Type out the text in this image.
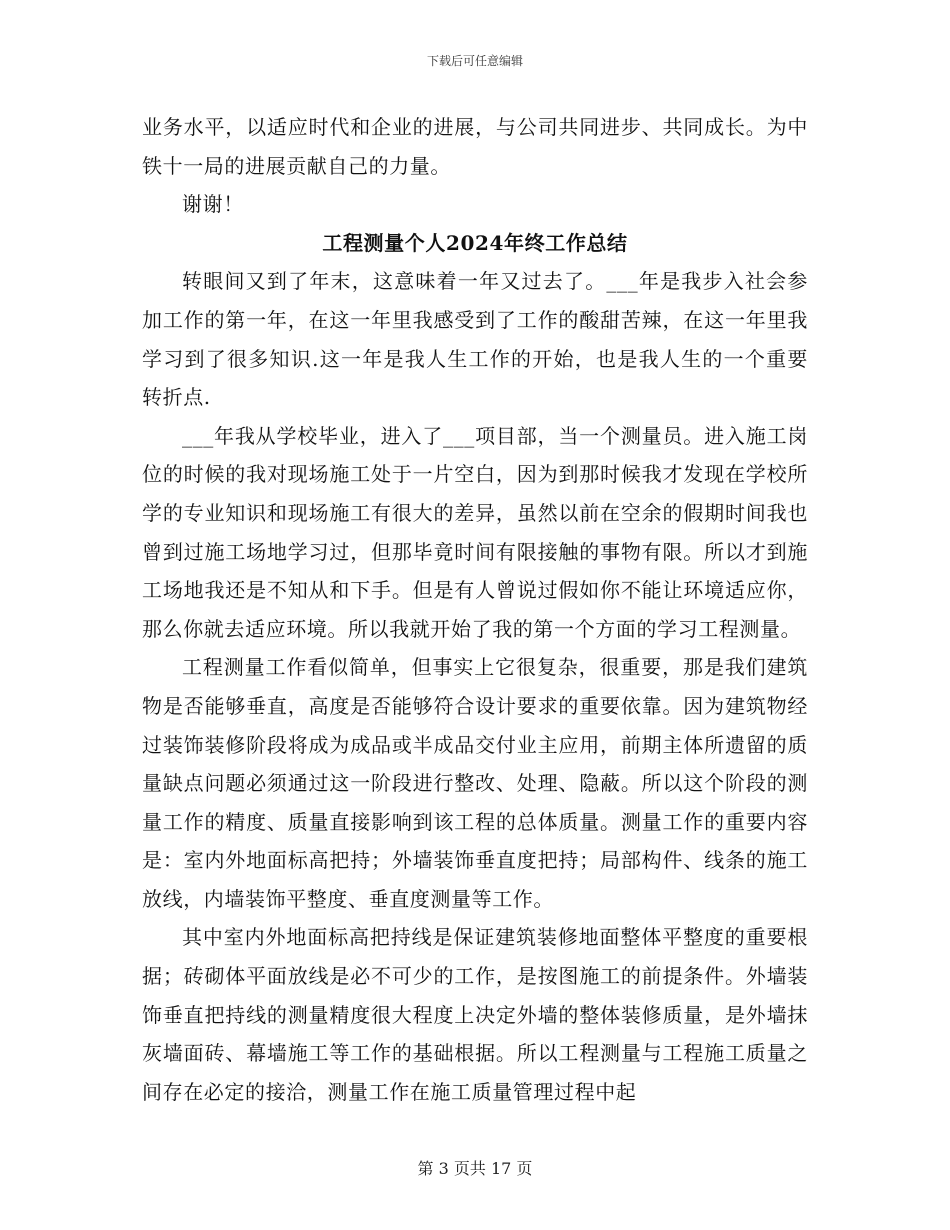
下载后可任意编辑

业务水平，以适应时代和企业的进展，与公司共同进步、共同成长。为中铁十一局的进展贡献自己的力量。

谢谢！

工程测量个人2024年终工作总结

转眼间又到了年末，这意味着一年又过去了。___年是我步入社会参加工作的第一年，在这一年里我感受到了工作的酸甜苦辣，在这一年里我学习到了很多知识.这一年是我人生工作的开始，也是我人生的一个重要转折点.

___年我从学校毕业，进入了___项目部，当一个测量员。进入施工岗位的时候的我对现场施工处于一片空白，因为到那时候我才发现在学校所学的专业知识和现场施工有很大的差异，虽然以前在空余的假期时间我也曾到过施工场地学习过，但那毕竟时间有限接触的事物有限。所以才到施工场地我还是不知从和下手。但是有人曾说过假如你不能让环境适应你，那么你就去适应环境。所以我就开始了我的第一个方面的学习工程测量。

工程测量工作看似简单，但事实上它很复杂，很重要，那是我们建筑物是否能够垂直，高度是否能够符合设计要求的重要依靠。因为建筑物经过装饰装修阶段将成为成品或半成品交付业主应用，前期主体所遗留的质量缺点问题必须通过这一阶段进行整改、处理、隐蔽。所以这个阶段的测量工作的精度、质量直接影响到该工程的总体质量。测量工作的重要内容是：室内外地面标高把持；外墙装饰垂直度把持；局部构件、线条的施工放线，内墙装饰平整度、垂直度测量等工作。

其中室内外地面标高把持线是保证建筑装修地面整体平整度的重要根据；砖砌体平面放线是必不可少的工作，是按图施工的前提条件。外墙装饰垂直把持线的测量精度很大程度上决定外墙的整体装修质量，是外墙抹灰墙面砖、幕墙施工等工作的基础根据。所以工程测量与工程施工质量之间存在必定的接洽，测量工作在施工质量管理过程中起

第 3 页共 17 页
